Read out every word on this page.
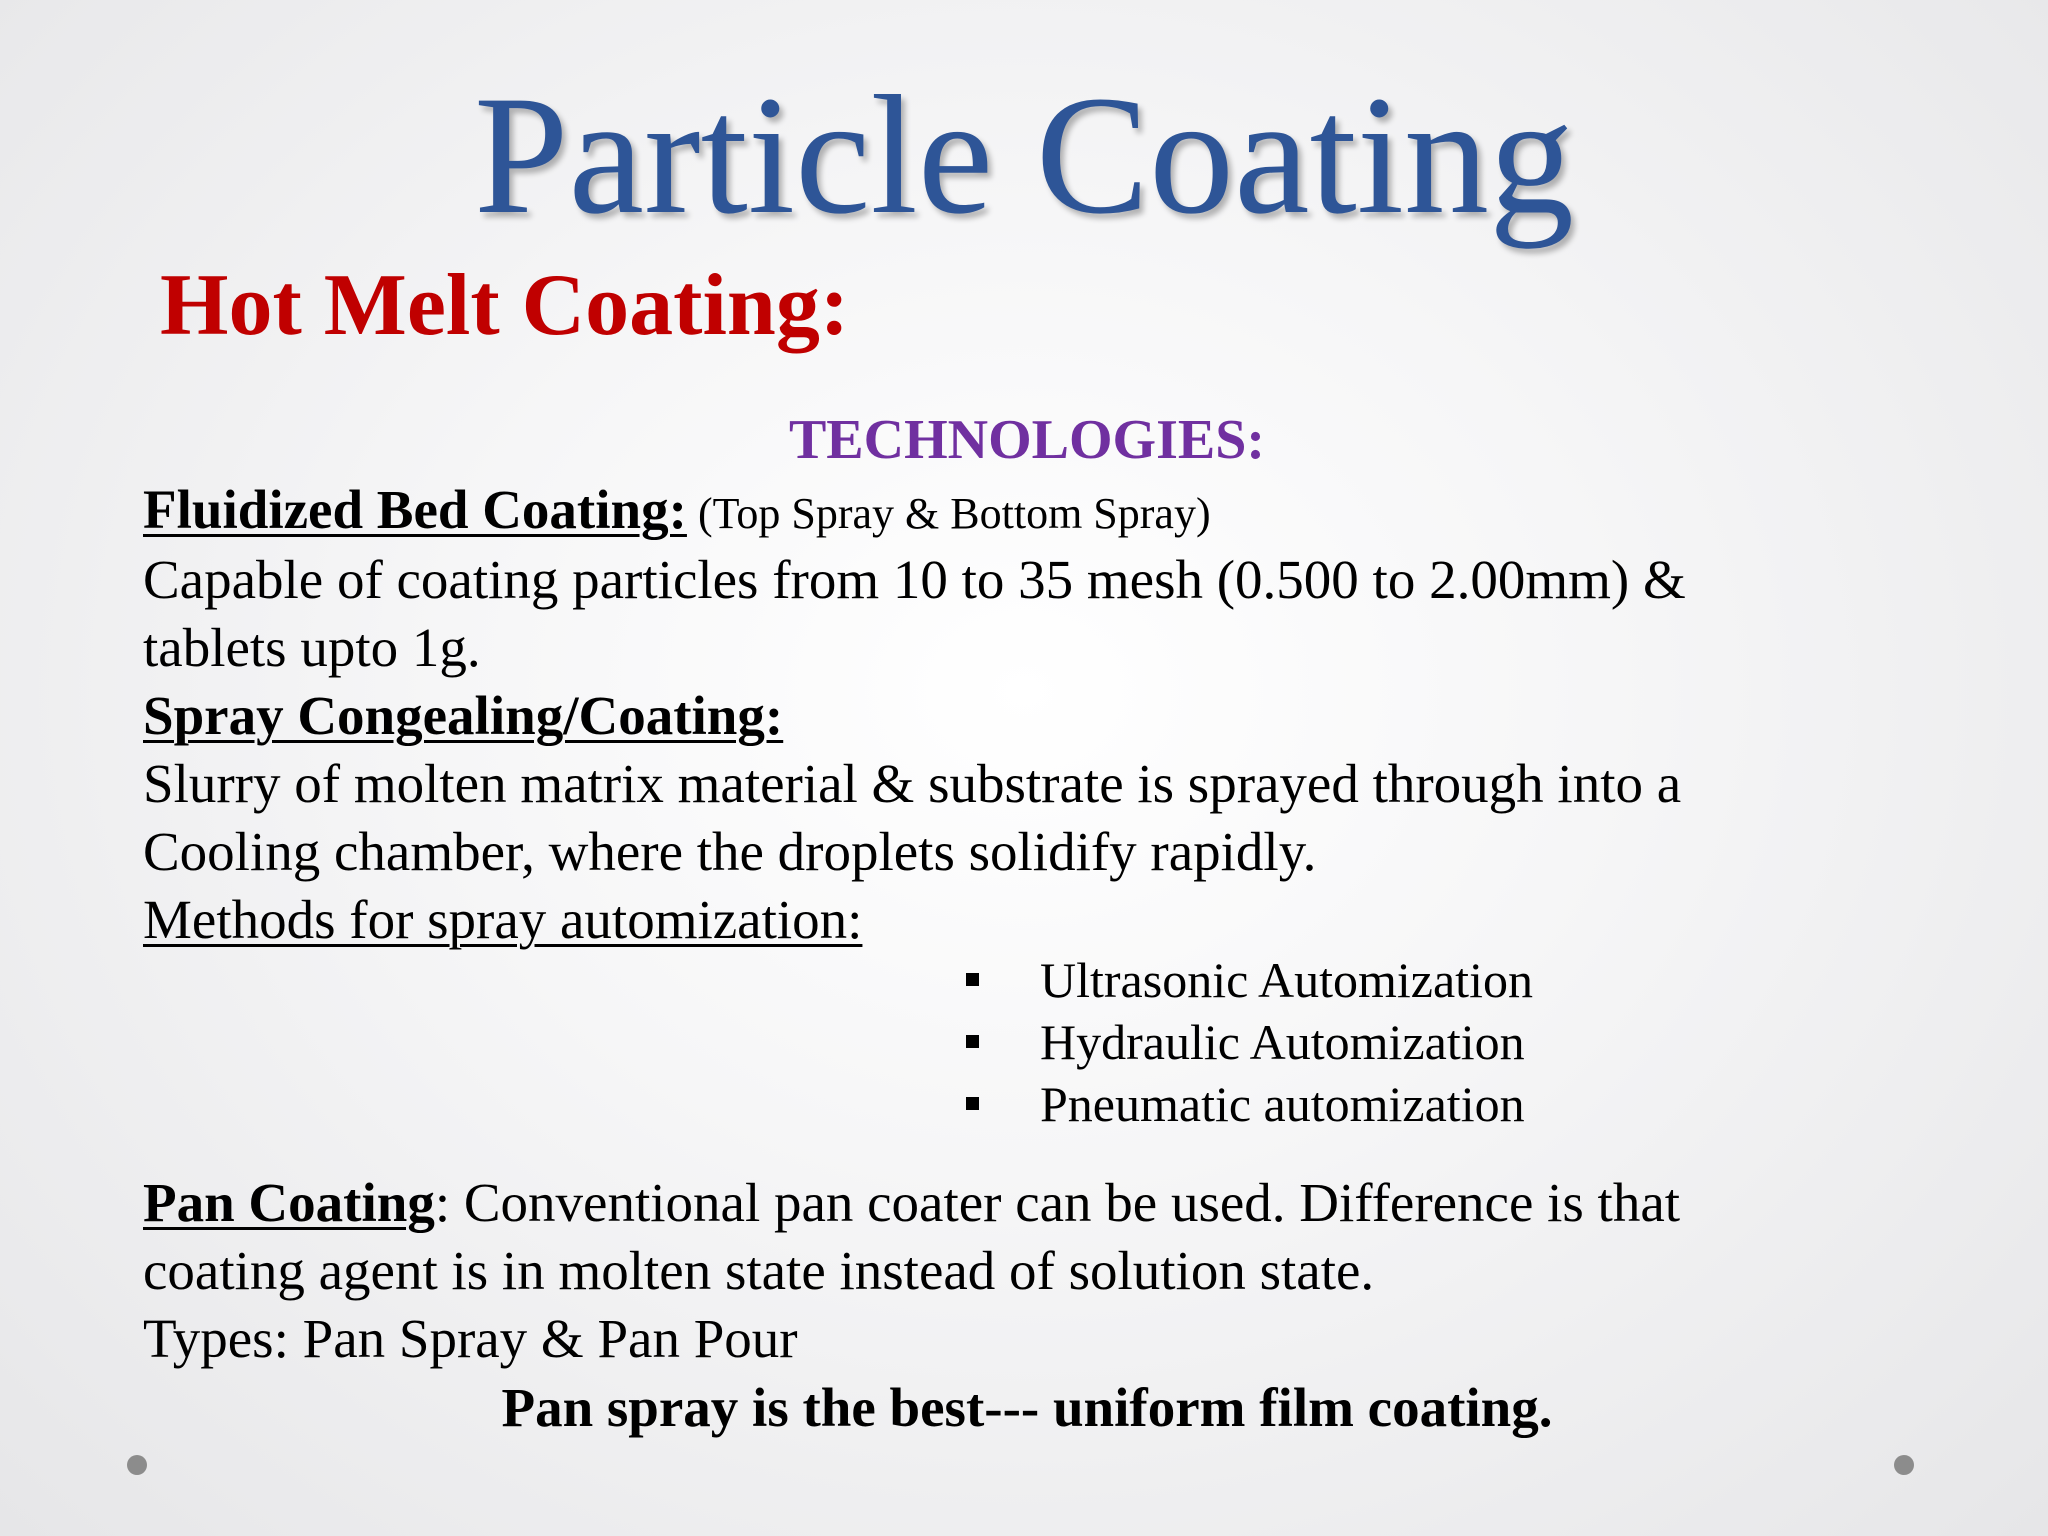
Particle Coating
Hot Melt Coating:
TECHNOLOGIES:
Fluidized Bed Coating: (Top Spray & Bottom Spray)
Capable of coating particles from 10 to 35 mesh (0.500 to 2.00mm) &
tablets upto 1g.
Spray Congealing/Coating:
Slurry of molten matrix material & substrate is sprayed through into a
Cooling chamber, where the droplets solidify rapidly.
Methods for spray automization:
Ultrasonic Automization
Hydraulic Automization
Pneumatic automization
Pan Coating: Conventional pan coater can be used. Difference is that
coating agent is in molten state instead of solution state.
Types: Pan Spray & Pan Pour
Pan spray is the best--- uniform film coating.
